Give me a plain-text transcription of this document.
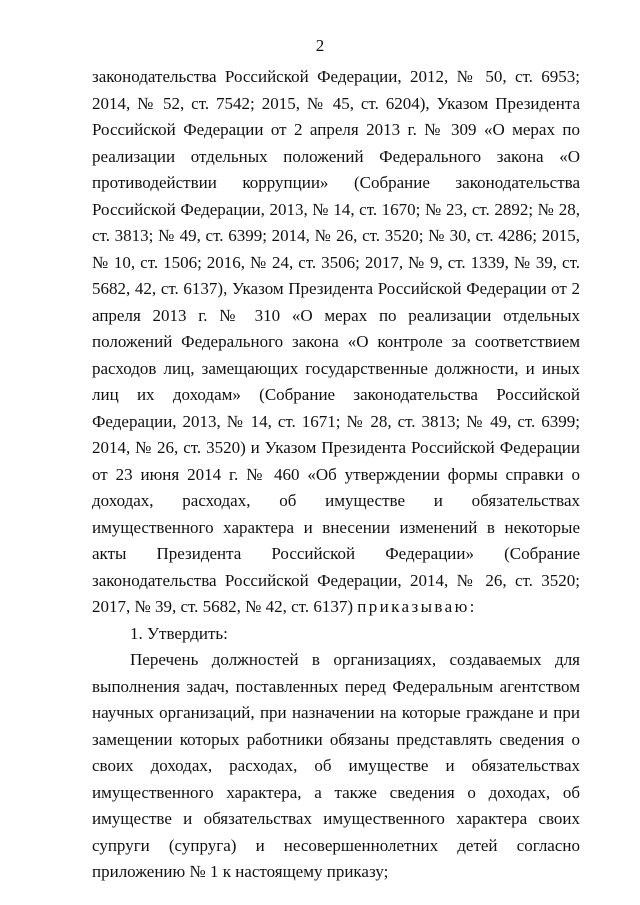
2

законодательства Российской Федерации, 2012, № 50, ст. 6953; 2014, № 52, ст. 7542; 2015, № 45, ст. 6204), Указом Президента Российской Федерации от 2 апреля 2013 г. № 309 «О мерах по реализации отдельных положений Федерального закона «О противодействии коррупции» (Собрание законодательства Российской Федерации, 2013, № 14, ст. 1670; № 23, ст. 2892; № 28, ст. 3813; № 49, ст. 6399; 2014, № 26, ст. 3520; № 30, ст. 4286; 2015, № 10, ст. 1506; 2016, № 24, ст. 3506; 2017, № 9, ст. 1339, № 39, ст. 5682, 42, ст. 6137), Указом Президента Российской Федерации от 2 апреля 2013 г. № 310 «О мерах по реализации отдельных положений Федерального закона «О контроле за соответствием расходов лиц, замещающих государственные должности, и иных лиц их доходам» (Собрание законодательства Российской Федерации, 2013, № 14, ст. 1671; № 28, ст. 3813; № 49, ст. 6399; 2014, № 26, ст. 3520) и Указом Президента Российской Федерации от 23 июня 2014 г. № 460 «Об утверждении формы справки о доходах, расходах, об имуществе и обязательствах имущественного характера и внесении изменений в некоторые акты Президента Российской Федерации» (Собрание законодательства Российской Федерации, 2014, № 26, ст. 3520; 2017, № 39, ст. 5682, № 42, ст. 6137) приказываю:

1. Утвердить:

Перечень должностей в организациях, создаваемых для выполнения задач, поставленных перед Федеральным агентством научных организаций, при назначении на которые граждане и при замещении которых работники обязаны представлять сведения о своих доходах, расходах, об имуществе и обязательствах имущественного характера, а также сведения о доходах, об имуществе и обязательствах имущественного характера своих супруги (супруга) и несовершеннолетних детей согласно приложению № 1 к настоящему приказу;
